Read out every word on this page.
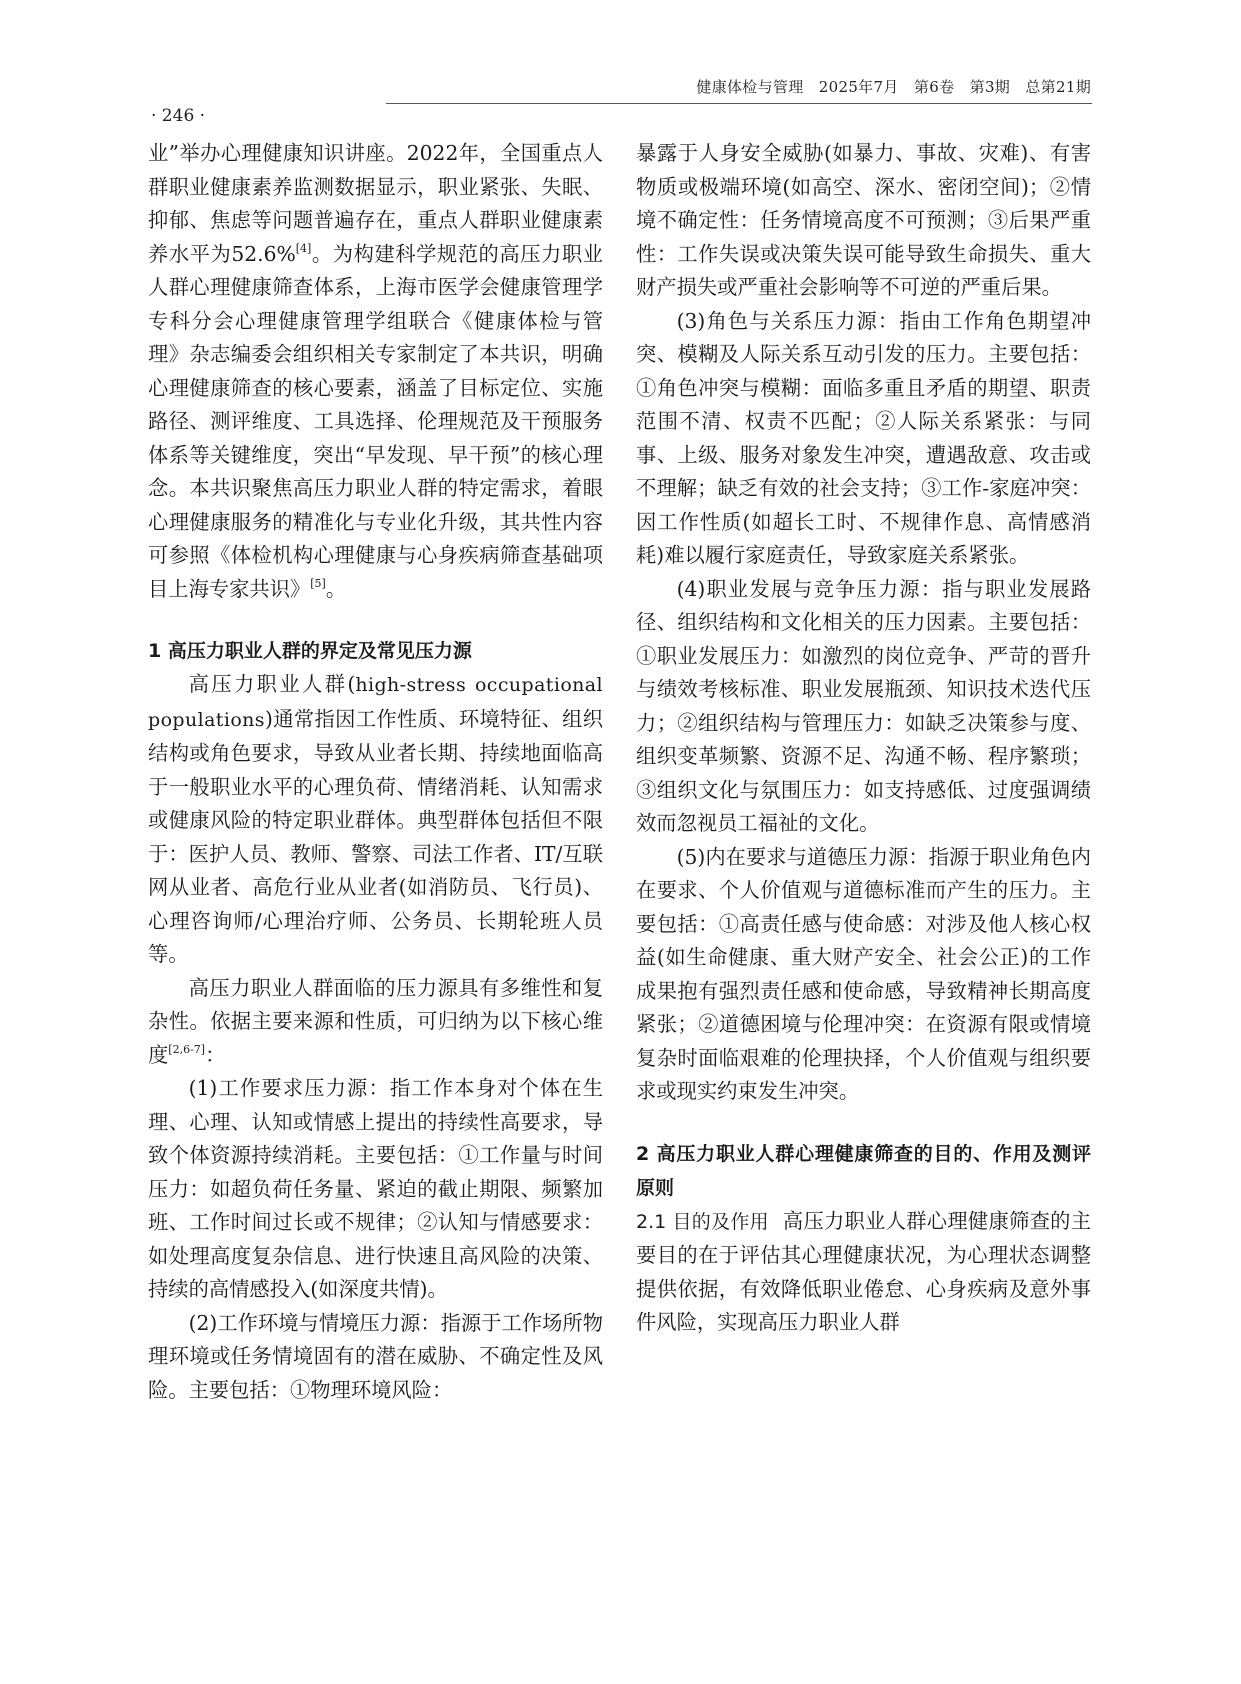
健康体检与管理　2025年7月　第6卷　第3期　总第21期
· 246 ·

业”举办心理健康知识讲座。2022年，全国重点人群职业健康素养监测数据显示，职业紧张、失眠、抑郁、焦虑等问题普遍存在，重点人群职业健康素养水平为52.6%[4]。为构建科学规范的高压力职业人群心理健康筛查体系，上海市医学会健康管理学专科分会心理健康管理学组联合《健康体检与管理》杂志编委会组织相关专家制定了本共识，明确心理健康筛查的核心要素，涵盖了目标定位、实施路径、测评维度、工具选择、伦理规范及干预服务体系等关键维度，突出“早发现、早干预”的核心理念。本共识聚焦高压力职业人群的特定需求，着眼心理健康服务的精准化与专业化升级，其共性内容可参照《体检机构心理健康与心身疾病筛查基础项目上海专家共识》[5]。

1 高压力职业人群的界定及常见压力源

高压力职业人群(high-stress occupational populations)通常指因工作性质、环境特征、组织结构或角色要求，导致从业者长期、持续地面临高于一般职业水平的心理负荷、情绪消耗、认知需求或健康风险的特定职业群体。典型群体包括但不限于：医护人员、教师、警察、司法工作者、IT/互联网从业者、高危行业从业者(如消防员、飞行员)、心理咨询师/心理治疗师、公务员、长期轮班人员等。

高压力职业人群面临的压力源具有多维性和复杂性。依据主要来源和性质，可归纳为以下核心维度[2,6-7]：

(1)工作要求压力源：指工作本身对个体在生理、心理、认知或情感上提出的持续性高要求，导致个体资源持续消耗。主要包括：①工作量与时间压力：如超负荷任务量、紧迫的截止期限、频繁加班、工作时间过长或不规律；②认知与情感要求：如处理高度复杂信息、进行快速且高风险的决策、持续的高情感投入(如深度共情)。

(2)工作环境与情境压力源：指源于工作场所物理环境或任务情境固有的潜在威胁、不确定性及风险。主要包括：①物理环境风险：

暴露于人身安全威胁(如暴力、事故、灾难)、有害物质或极端环境(如高空、深水、密闭空间)；②情境不确定性：任务情境高度不可预测；③后果严重性：工作失误或决策失误可能导致生命损失、重大财产损失或严重社会影响等不可逆的严重后果。

(3)角色与关系压力源：指由工作角色期望冲突、模糊及人际关系互动引发的压力。主要包括：①角色冲突与模糊：面临多重且矛盾的期望、职责范围不清、权责不匹配；②人际关系紧张：与同事、上级、服务对象发生冲突，遭遇敌意、攻击或不理解；缺乏有效的社会支持；③工作-家庭冲突：因工作性质(如超长工时、不规律作息、高情感消耗)难以履行家庭责任，导致家庭关系紧张。

(4)职业发展与竞争压力源：指与职业发展路径、组织结构和文化相关的压力因素。主要包括：①职业发展压力：如激烈的岗位竞争、严苛的晋升与绩效考核标准、职业发展瓶颈、知识技术迭代压力；②组织结构与管理压力：如缺乏决策参与度、组织变革频繁、资源不足、沟通不畅、程序繁琐；③组织文化与氛围压力：如支持感低、过度强调绩效而忽视员工福祉的文化。

(5)内在要求与道德压力源：指源于职业角色内在要求、个人价值观与道德标准而产生的压力。主要包括：①高责任感与使命感：对涉及他人核心权益(如生命健康、重大财产安全、社会公正)的工作成果抱有强烈责任感和使命感，导致精神长期高度紧张；②道德困境与伦理冲突：在资源有限或情境复杂时面临艰难的伦理抉择，个人价值观与组织要求或现实约束发生冲突。

2 高压力职业人群心理健康筛查的目的、作用及测评原则

2.1 目的及作用 高压力职业人群心理健康筛查的主要目的在于评估其心理健康状况，为心理状态调整提供依据，有效降低职业倦怠、心身疾病及意外事件风险，实现高压力职业人群
